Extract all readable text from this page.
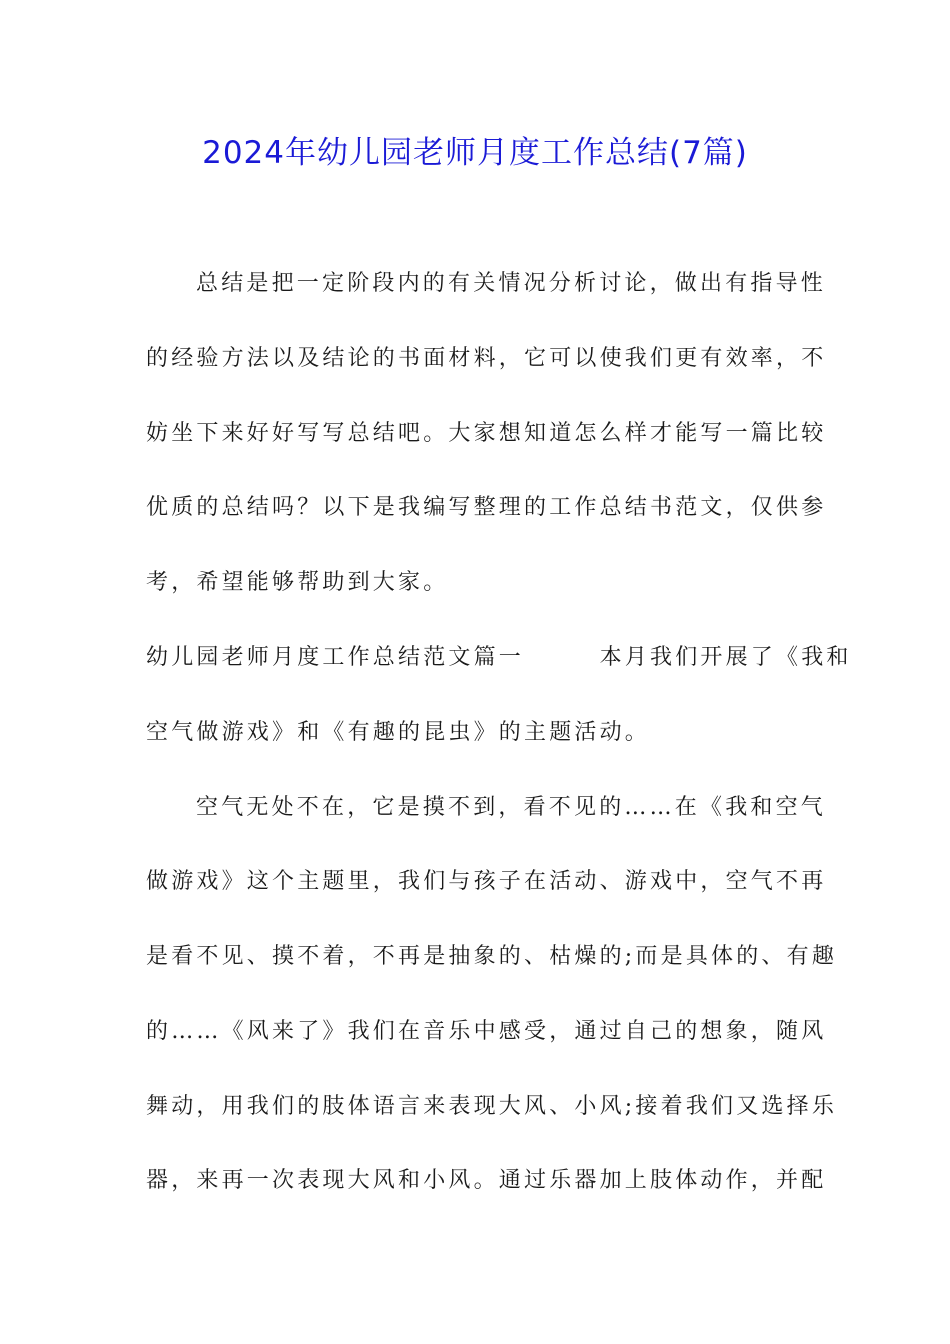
2024年幼儿园老师月度工作总结(7篇)
总结是把一定阶段内的有关情况分析讨论，做出有指导性
的经验方法以及结论的书面材料，它可以使我们更有效率，不
妨坐下来好好写写总结吧。大家想知道怎么样才能写一篇比较
优质的总结吗？以下是我编写整理的工作总结书范文，仅供参
考，希望能够帮助到大家。
幼儿园老师月度工作总结范文篇一　　　本月我们开展了《我和
空气做游戏》和《有趣的昆虫》的主题活动。
空气无处不在，它是摸不到，看不见的……在《我和空气
做游戏》这个主题里，我们与孩子在活动、游戏中，空气不再
是看不见、摸不着，不再是抽象的、枯燥的;而是具体的、有趣
的……《风来了》我们在音乐中感受，通过自己的想象，随风
舞动，用我们的肢体语言来表现大风、小风;接着我们又选择乐
器，来再一次表现大风和小风。通过乐器加上肢体动作，并配
